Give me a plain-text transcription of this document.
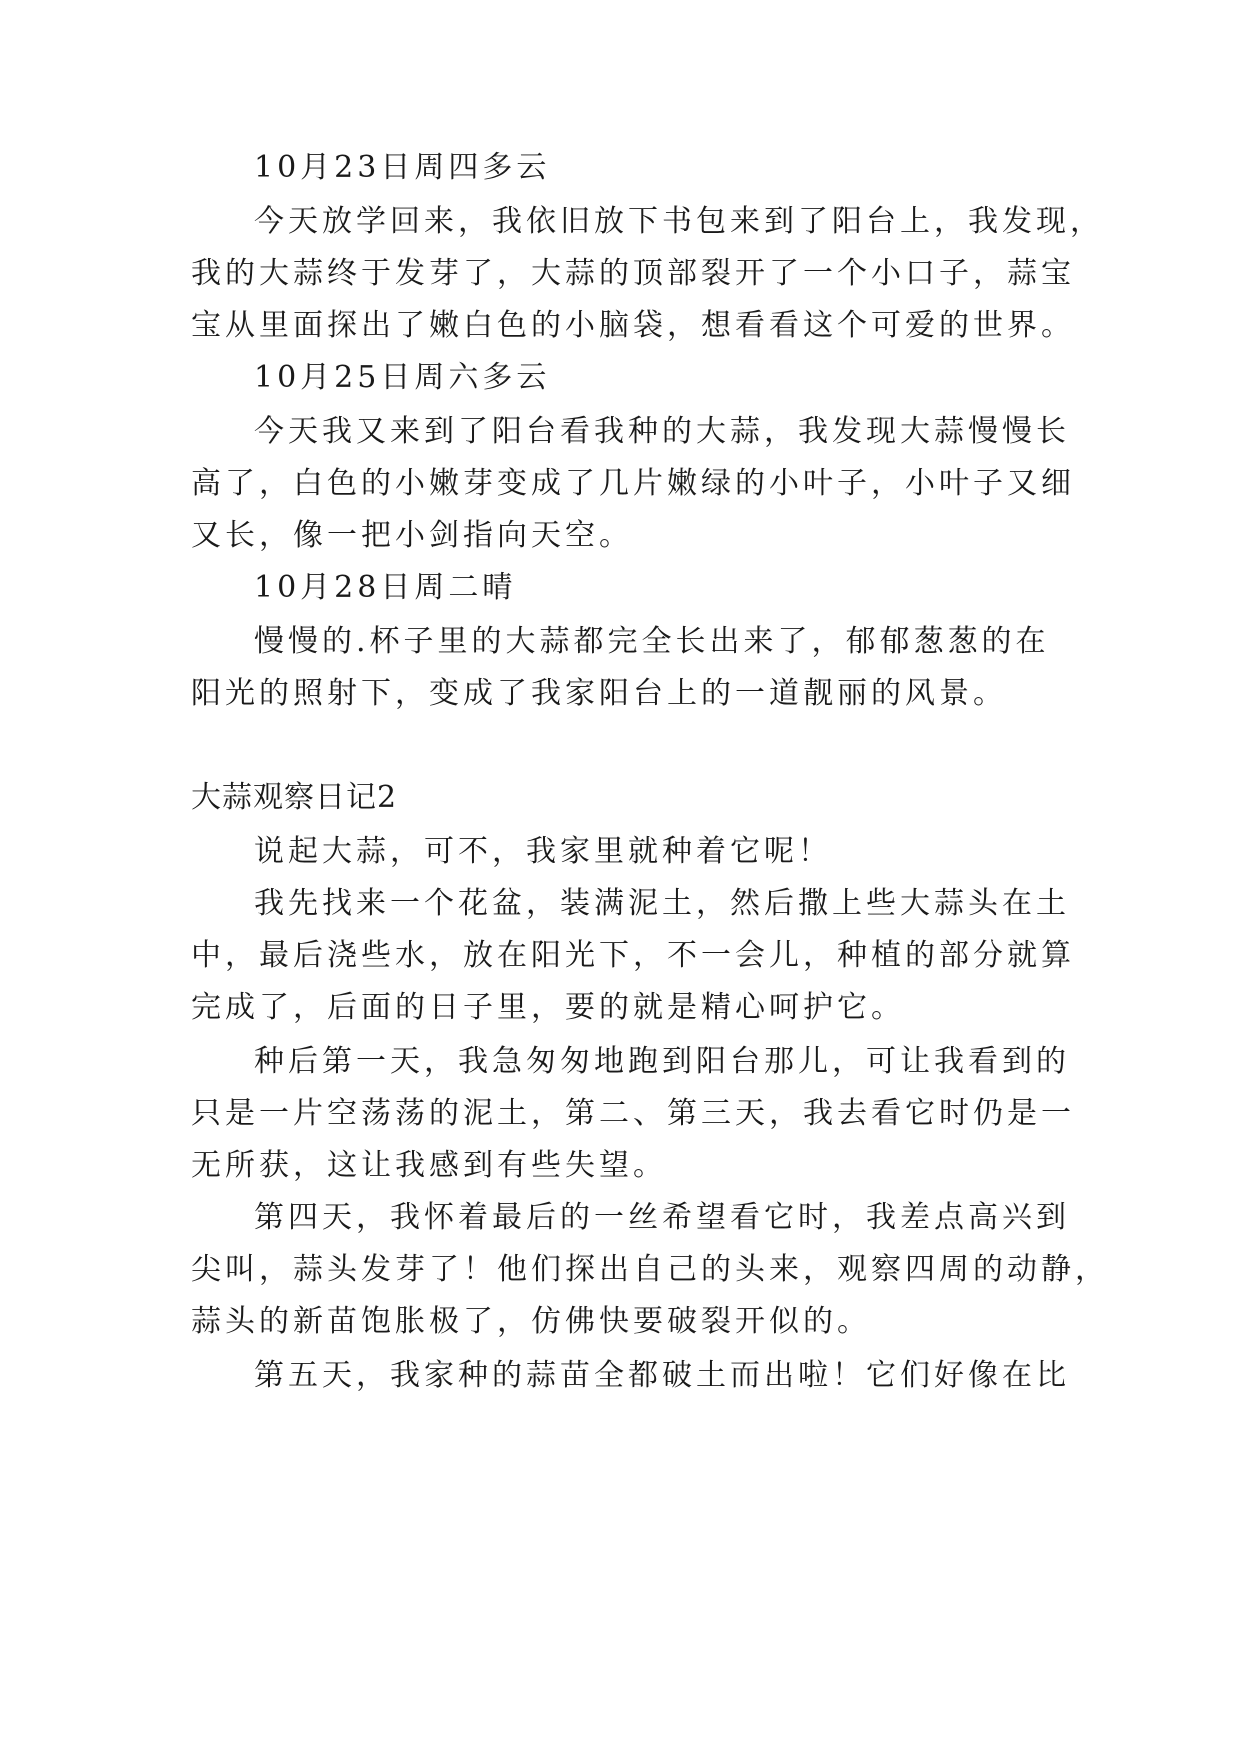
10月23日周四多云

今天放学回来，我依旧放下书包来到了阳台上，我发现，

我的大蒜终于发芽了，大蒜的顶部裂开了一个小口子，蒜宝

宝从里面探出了嫩白色的小脑袋，想看看这个可爱的世界。

10月25日周六多云

今天我又来到了阳台看我种的大蒜，我发现大蒜慢慢长

高了，白色的小嫩芽变成了几片嫩绿的小叶子，小叶子又细

又长，像一把小剑指向天空。

10月28日周二晴

慢慢的.杯子里的大蒜都完全长出来了，郁郁葱葱的在

阳光的照射下，变成了我家阳台上的一道靓丽的风景。

大蒜观察日记2

说起大蒜，可不，我家里就种着它呢！

我先找来一个花盆，装满泥土，然后撒上些大蒜头在土

中，最后浇些水，放在阳光下，不一会儿，种植的部分就算

完成了，后面的日子里，要的就是精心呵护它。

种后第一天，我急匆匆地跑到阳台那儿，可让我看到的

只是一片空荡荡的泥土，第二、第三天，我去看它时仍是一

无所获，这让我感到有些失望。

第四天，我怀着最后的一丝希望看它时，我差点高兴到

尖叫，蒜头发芽了！他们探出自己的头来，观察四周的动静，

蒜头的新苗饱胀极了，仿佛快要破裂开似的。

第五天，我家种的蒜苗全都破土而出啦！它们好像在比
